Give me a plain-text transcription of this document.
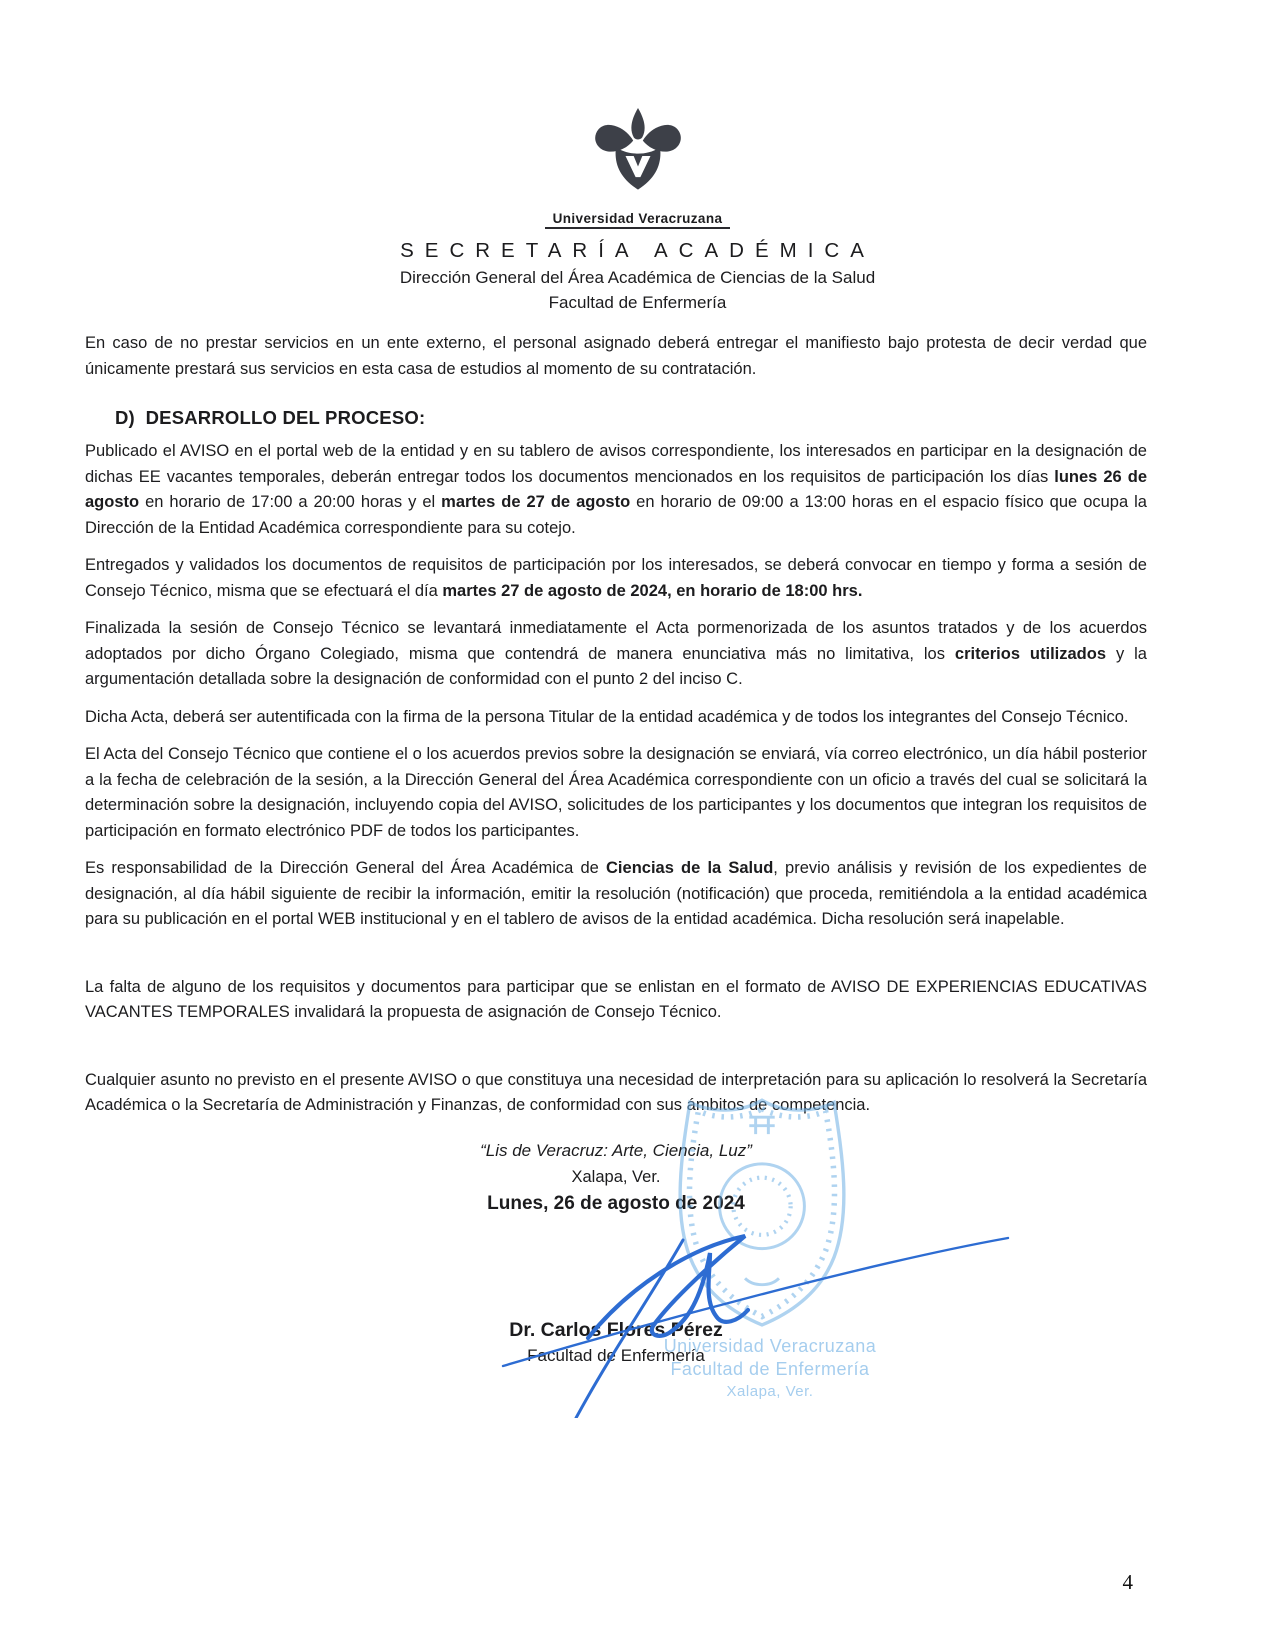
Universidad Veracruzana
SECRETARÍA ACADÉMICA
Dirección General del Área Académica de Ciencias de la Salud
Facultad de Enfermería

En caso de no prestar servicios en un ente externo, el personal asignado deberá entregar el manifiesto bajo protesta de decir verdad que únicamente prestará sus servicios en esta casa de estudios al momento de su contratación.

D)  DESARROLLO DEL PROCESO:

Publicado el AVISO en el portal web de la entidad y en su tablero de avisos correspondiente, los interesados en participar en la designación de dichas EE vacantes temporales, deberán entregar todos los documentos mencionados en los requisitos de participación los días lunes 26 de agosto en horario de 17:00 a 20:00 horas y el martes de 27 de agosto en horario de 09:00 a 13:00 horas en el espacio físico que ocupa la Dirección de la Entidad Académica correspondiente para su cotejo.

Entregados y validados los documentos de requisitos de participación por los interesados, se deberá convocar en tiempo y forma a sesión de Consejo Técnico, misma que se efectuará el día martes 27 de agosto de 2024, en horario de 18:00 hrs.

Finalizada la sesión de Consejo Técnico se levantará inmediatamente el Acta pormenorizada de los asuntos tratados y de los acuerdos adoptados por dicho Órgano Colegiado, misma que contendrá de manera enunciativa más no limitativa, los criterios utilizados y la argumentación detallada sobre la designación de conformidad con el punto 2 del inciso C.

Dicha Acta, deberá ser autentificada con la firma de la persona Titular de la entidad académica y de todos los integrantes del Consejo Técnico.

El Acta del Consejo Técnico que contiene el o los acuerdos previos sobre la designación se enviará, vía correo electrónico, un día hábil posterior a la fecha de celebración de la sesión, a la Dirección General del Área Académica correspondiente con un oficio a través del cual se solicitará la determinación sobre la designación, incluyendo copia del AVISO, solicitudes de los participantes y los documentos que integran los requisitos de participación en formato electrónico PDF de todos los participantes.

Es responsabilidad de la Dirección General del Área Académica de Ciencias de la Salud, previo análisis y revisión de los expedientes de designación, al día hábil siguiente de recibir la información, emitir la resolución (notificación) que proceda, remitiéndola a la entidad académica para su publicación en el portal WEB institucional y en el tablero de avisos de la entidad académica. Dicha resolución será inapelable.

La falta de alguno de los requisitos y documentos para participar que se enlistan en el formato de AVISO DE EXPERIENCIAS EDUCATIVAS VACANTES TEMPORALES invalidará la propuesta de asignación de Consejo Técnico.

Cualquier asunto no previsto en el presente AVISO o que constituya una necesidad de interpretación para su aplicación lo resolverá la Secretaría Académica o la Secretaría de Administración y Finanzas, de conformidad con sus ámbitos de competencia.

“Lis de Veracruz: Arte, Ciencia, Luz”
Xalapa, Ver.
Lunes, 26 de agosto de 2024
Universidad Veracruzana
Facultad de Enfermería
Xalapa, Ver.
Dr. Carlos Flores Pérez
Facultad de Enfermería
4
